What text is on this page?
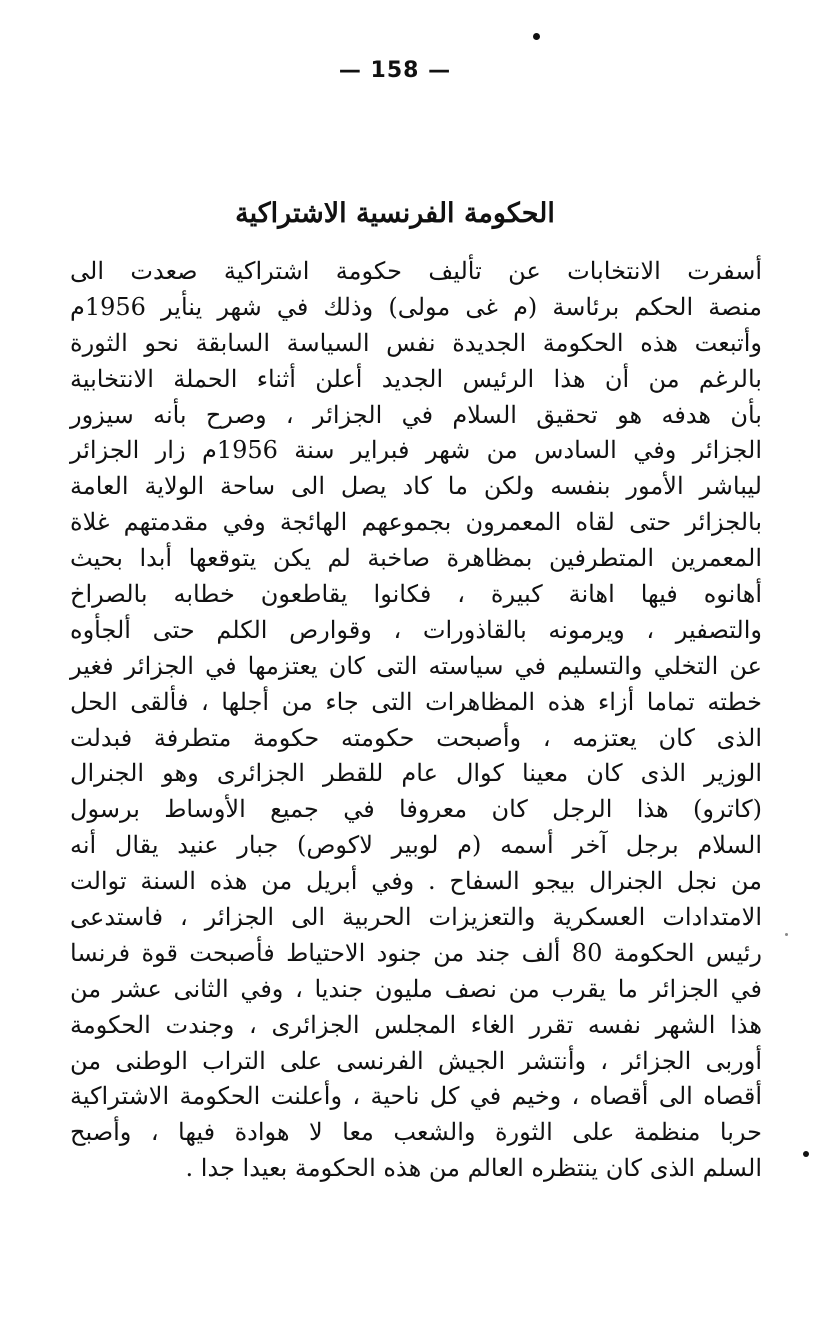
— 158 —
الحكومة الفرنسية الاشتراكية
أسفرت الانتخابات عن تأليف حكومة اشتراكية صعدت الى
منصة الحكم برئاسة (م غى مولى) وذلك في شهر ينأير 1956م
وأتبعت هذه الحكومة الجديدة نفس السياسة السابقة نحو الثورة
بالرغم من أن هذا الرئيس الجديد أعلن أثناء الحملة الانتخابية
بأن هدفه هو تحقيق السلام في الجزائر ، وصرح بأنه سيزور
الجزائر وفي السادس من شهر فبراير سنة 1956م زار الجزائر
ليباشر الأمور بنفسه ولكن ما كاد يصل الى ساحة الولاية العامة
بالجزائر حتى لقاه المعمرون بجموعهم الهائجة وفي مقدمتهم غلاة
المعمرين المتطرفين بمظاهرة صاخبة لم يكن يتوقعها أبدا بحيث
أهانوه فيها اهانة كبيرة ، فكانوا يقاطعون خطابه بالصراخ
والتصفير ، ويرمونه بالقاذورات ، وقوارص الكلم حتى ألجأوه
عن التخلي والتسليم في سياسته التى كان يعتزمها في الجزائر فغير
خطته تماما أزاء هذه المظاهرات التى جاء من أجلها ، فألقى الحل
الذى كان يعتزمه ، وأصبحت حكومته حكومة متطرفة فبدلت
الوزير الذى كان معينا كوال عام للقطر الجزائرى وهو الجنرال
(كاترو) هذا الرجل كان معروفا في جميع الأوساط برسول
السلام برجل آخر أسمه (م لوبير لاكوص) جبار عنيد يقال أنه
من نجل الجنرال بيجو السفاح . وفي أبريل من هذه السنة توالت
الامتدادات العسكرية والتعزيزات الحربية الى الجزائر ، فاستدعى
رئيس الحكومة 80 ألف جند من جنود الاحتياط فأصبحت قوة فرنسا
في الجزائر ما يقرب من نصف مليون جنديا ، وفي الثانى عشر من
هذا الشهر نفسه تقرر الغاء المجلس الجزائرى ، وجندت الحكومة
أوربى الجزائر ، وأنتشر الجيش الفرنسى على التراب الوطنى من
أقصاه الى أقصاه ، وخيم في كل ناحية ، وأعلنت الحكومة الاشتراكية
حربا منظمة على الثورة والشعب معا لا هوادة فيها ، وأصبح
السلم الذى كان ينتظره العالم من هذه الحكومة بعيدا جدا .
